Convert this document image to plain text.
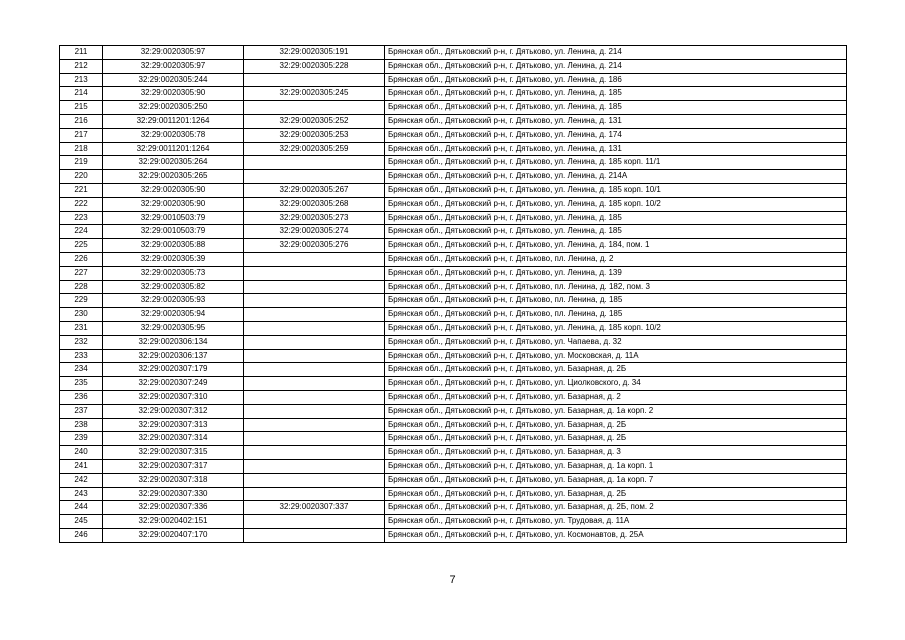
211	32:29:0020305:97	32:29:0020305:191	Брянская обл., Дятьковский р-н, г. Дятьково, ул. Ленина, д. 214
212	32:29:0020305:97	32:29:0020305:228	Брянская обл., Дятьковский р-н, г. Дятьково, ул. Ленина, д. 214
213	32:29:0020305:244		Брянская обл., Дятьковский р-н, г. Дятьково, ул. Ленина, д. 186
214	32:29:0020305:90	32:29:0020305:245	Брянская обл., Дятьковский р-н, г. Дятьково, ул. Ленина, д. 185
215	32:29:0020305:250		Брянская обл., Дятьковский р-н, г. Дятьково, ул. Ленина, д. 185
216	32:29:0011201:1264	32:29:0020305:252	Брянская обл., Дятьковский р-н, г. Дятьково, ул. Ленина, д. 131
217	32:29:0020305:78	32:29:0020305:253	Брянская обл., Дятьковский р-н, г. Дятьково, ул. Ленина, д. 174
218	32:29:0011201:1264	32:29:0020305:259	Брянская обл., Дятьковский р-н, г. Дятьково, ул. Ленина, д. 131
219	32:29:0020305:264		Брянская обл., Дятьковский р-н, г. Дятьково, ул. Ленина, д. 185 корп. 11/1
220	32:29:0020305:265		Брянская обл., Дятьковский р-н, г. Дятьково, ул. Ленина, д. 214А
221	32:29:0020305:90	32:29:0020305:267	Брянская обл., Дятьковский р-н, г. Дятьково, ул. Ленина, д. 185 корп. 10/1
222	32:29:0020305:90	32:29:0020305:268	Брянская обл., Дятьковский р-н, г. Дятьково, ул. Ленина, д. 185 корп. 10/2
223	32:29:0010503:79	32:29:0020305:273	Брянская обл., Дятьковский р-н, г. Дятьково, ул. Ленина, д. 185
224	32:29:0010503:79	32:29:0020305:274	Брянская обл., Дятьковский р-н, г. Дятьково, ул. Ленина, д. 185
225	32:29:0020305:88	32:29:0020305:276	Брянская обл., Дятьковский р-н, г. Дятьково, ул. Ленина, д. 184, пом. 1
226	32:29:0020305:39		Брянская обл., Дятьковский р-н, г. Дятьково, пл. Ленина, д. 2
227	32:29:0020305:73		Брянская обл., Дятьковский р-н, г. Дятьково, ул. Ленина, д. 139
228	32:29:0020305:82		Брянская обл., Дятьковский р-н, г. Дятьково, пл. Ленина, д. 182, пом. 3
229	32:29:0020305:93		Брянская обл., Дятьковский р-н, г. Дятьково, пл. Ленина, д. 185
230	32:29:0020305:94		Брянская обл., Дятьковский р-н, г. Дятьково, пл. Ленина, д. 185
231	32:29:0020305:95		Брянская обл., Дятьковский р-н, г. Дятьково, ул. Ленина, д. 185 корп. 10/2
232	32:29:0020306:134		Брянская обл., Дятьковский р-н, г. Дятьково, ул. Чапаева, д. 32
233	32:29:0020306:137		Брянская обл., Дятьковский р-н, г. Дятьково, ул. Московская, д. 11А
234	32:29:0020307:179		Брянская обл., Дятьковский р-н, г. Дятьково, ул. Базарная, д. 2Б
235	32:29:0020307:249		Брянская обл., Дятьковский р-н, г. Дятьково, ул. Циолковского, д. 34
236	32:29:0020307:310		Брянская обл., Дятьковский р-н, г. Дятьково, ул. Базарная, д. 2
237	32:29:0020307:312		Брянская обл., Дятьковский р-н, г. Дятьково, ул. Базарная, д. 1а корп. 2
238	32:29:0020307:313		Брянская обл., Дятьковский р-н, г. Дятьково, ул. Базарная, д. 2Б
239	32:29:0020307:314		Брянская обл., Дятьковский р-н, г. Дятьково, ул. Базарная, д. 2Б
240	32:29:0020307:315		Брянская обл., Дятьковский р-н, г. Дятьково, ул. Базарная, д. 3
241	32:29:0020307:317		Брянская обл., Дятьковский р-н, г. Дятьково, ул. Базарная, д. 1а корп. 1
242	32:29:0020307:318		Брянская обл., Дятьковский р-н, г. Дятьково, ул. Базарная, д. 1а корп. 7
243	32:29:0020307:330		Брянская обл., Дятьковский р-н, г. Дятьково, ул. Базарная, д. 2Б
244	32:29:0020307:336	32:29:0020307:337	Брянская обл., Дятьковский р-н, г. Дятьково, ул. Базарная, д. 2Б, пом. 2
245	32:29:0020402:151		Брянская обл., Дятьковский р-н, г. Дятьково, ул. Трудовая, д. 11А
246	32:29:0020407:170		Брянская обл., Дятьковский р-н, г. Дятьково, ул. Космонавтов, д. 25А
7
